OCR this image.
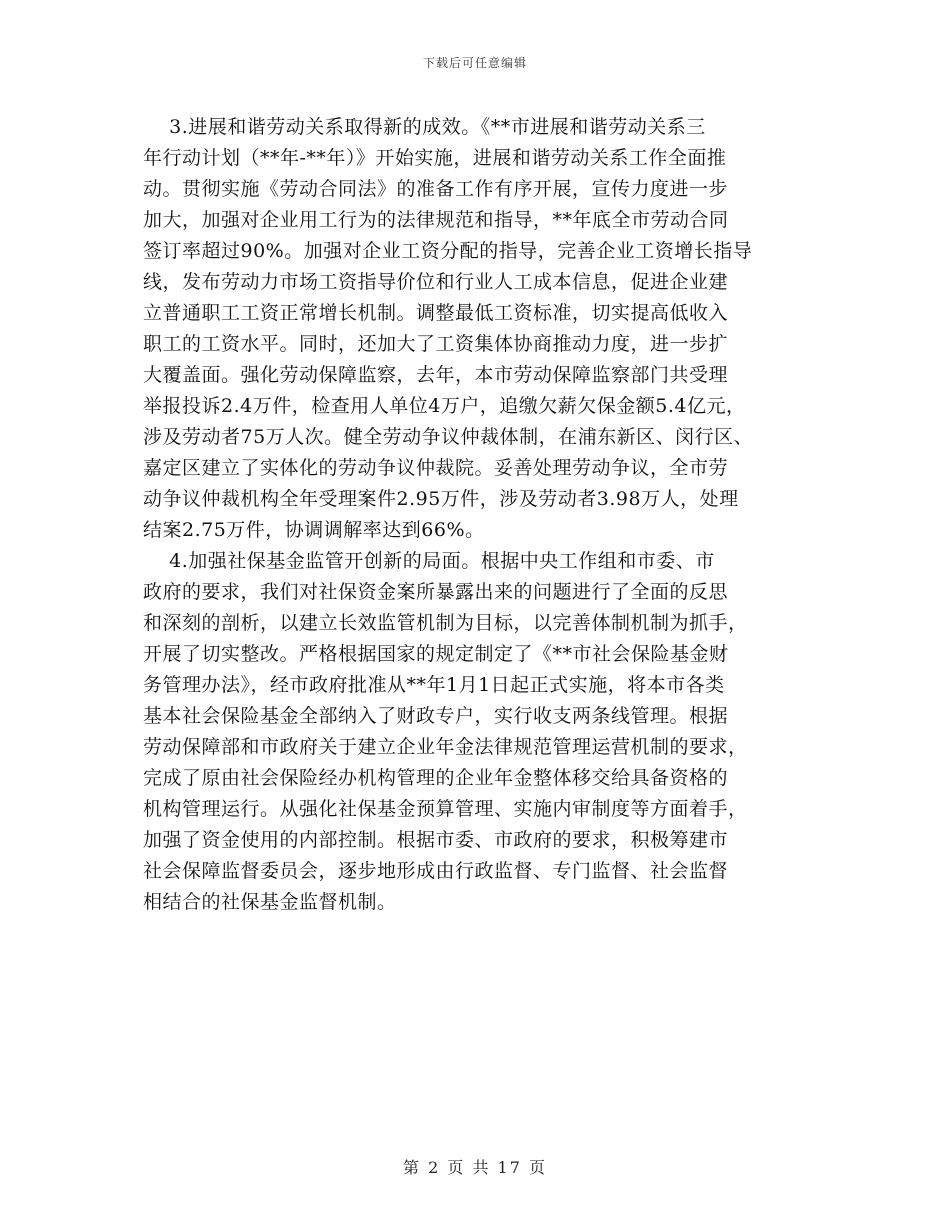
下载后可任意编辑
3.进展和谐劳动关系取得新的成效。《**市进展和谐劳动关系三
年行动计划（**年-**年）》开始实施，进展和谐劳动关系工作全面推
动。贯彻实施《劳动合同法》的准备工作有序开展，宣传力度进一步
加大，加强对企业用工行为的法律规范和指导，**年底全市劳动合同
签订率超过90%。加强对企业工资分配的指导，完善企业工资增长指导
线，发布劳动力市场工资指导价位和行业人工成本信息，促进企业建
立普通职工工资正常增长机制。调整最低工资标准，切实提高低收入
职工的工资水平。同时，还加大了工资集体协商推动力度，进一步扩
大覆盖面。强化劳动保障监察，去年，本市劳动保障监察部门共受理
举报投诉2.4万件，检查用人单位4万户，追缴欠薪欠保金额5.4亿元，
涉及劳动者75万人次。健全劳动争议仲裁体制，在浦东新区、闵行区、
嘉定区建立了实体化的劳动争议仲裁院。妥善处理劳动争议，全市劳
动争议仲裁机构全年受理案件2.95万件，涉及劳动者3.98万人，处理
结案2.75万件，协调调解率达到66%。
4.加强社保基金监管开创新的局面。根据中央工作组和市委、市
政府的要求，我们对社保资金案所暴露出来的问题进行了全面的反思
和深刻的剖析，以建立长效监管机制为目标，以完善体制机制为抓手，
开展了切实整改。严格根据国家的规定制定了《**市社会保险基金财
务管理办法》，经市政府批准从**年1月1日起正式实施，将本市各类
基本社会保险基金全部纳入了财政专户，实行收支两条线管理。根据
劳动保障部和市政府关于建立企业年金法律规范管理运营机制的要求，
完成了原由社会保险经办机构管理的企业年金整体移交给具备资格的
机构管理运行。从强化社保基金预算管理、实施内审制度等方面着手，
加强了资金使用的内部控制。根据市委、市政府的要求，积极筹建市
社会保障监督委员会，逐步地形成由行政监督、专门监督、社会监督
相结合的社保基金监督机制。
第 2 页 共 17 页
